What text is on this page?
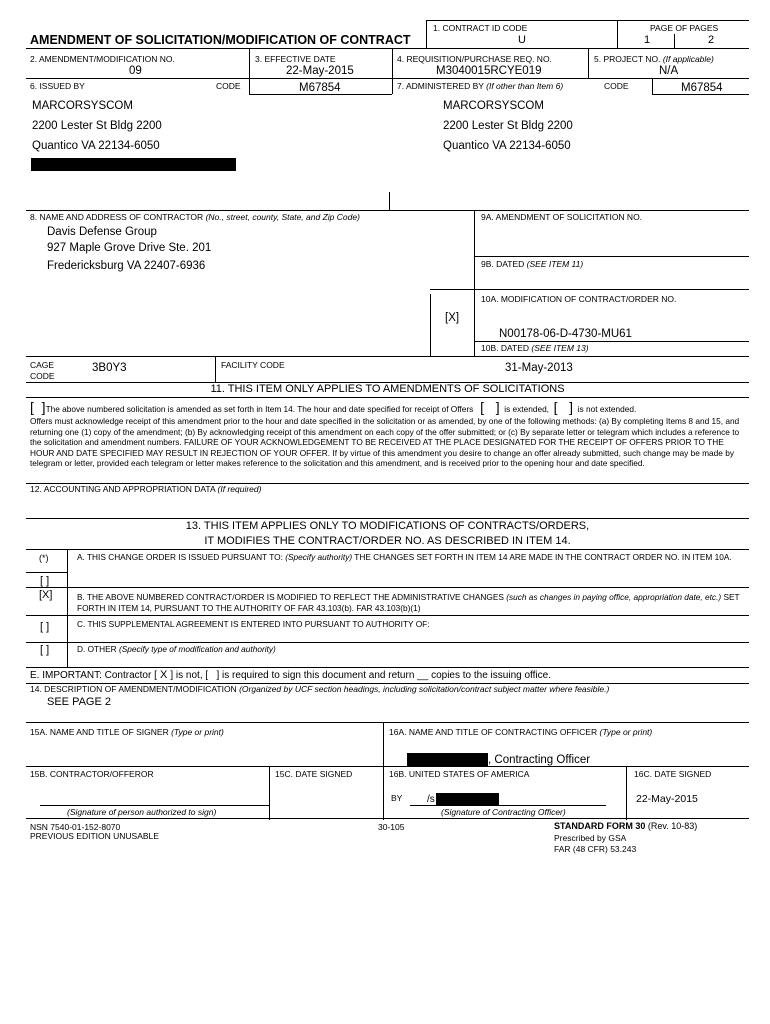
AMENDMENT OF SOLICITATION/MODIFICATION OF CONTRACT
1. CONTRACT ID CODE
U
PAGE OF PAGES
1	2
2. AMENDMENT/MODIFICATION NO.
09
3. EFFECTIVE DATE
22-May-2015
4. REQUISITION/PURCHASE REQ. NO.
M3040015RCYE019
5. PROJECT NO. (If applicable)
N/A
6. ISSUED BY	CODE	M67854	7. ADMINISTERED BY (If other than Item 6)	CODE	M67854
MARCORSYSCOM
2200 Lester St Bldg 2200
Quantico VA 22134-6050
MARCORSYSCOM
2200 Lester St Bldg 2200
Quantico VA 22134-6050
8. NAME AND ADDRESS OF CONTRACTOR (No., street, county, State, and Zip Code)
Davis Defense Group
927 Maple Grove Drive Ste. 201
Fredericksburg VA 22407-6936
9A. AMENDMENT OF SOLICITATION NO.
9B. DATED (SEE ITEM 11)
10A. MODIFICATION OF CONTRACT/ORDER NO.
[X]
N00178-06-D-4730-MU61
10B. DATED (SEE ITEM 13)
CAGE
CODE
3B0Y3	FACILITY CODE	31-May-2013
11. THIS ITEM ONLY APPLIES TO AMENDMENTS OF SOLICITATIONS
[ ]The above numbered solicitation is amended as set forth in Item 14. The hour and date specified for receipt of Offers [   ] is extended, [   ] is not extended.
Offers must acknowledge receipt of this amendment prior to the hour and date specified in the solicitation or as amended, by one of the following methods: (a) By completing Items 8 and 15, and returning one (1) copy of the amendment; (b) By acknowledging receipt of this amendment on each copy of the offer submitted; or (c) By separate letter or telegram which includes a reference to the solicitation and amendment numbers. FAILURE OF YOUR ACKNOWLEDGEMENT TO BE RECEIVED AT THE PLACE DESIGNATED FOR THE RECEIPT OF OFFERS PRIOR TO THE HOUR AND DATE SPECIFIED MAY RESULT IN REJECTION OF YOUR OFFER. If by virtue of this amendment you desire to change an offer already submitted, such change may be made by telegram or letter, provided each telegram or letter makes reference to the solicitation and this amendment, and is received prior to the opening hour and date specified.
12. ACCOUNTING AND APPROPRIATION DATA (If required)
13. THIS ITEM APPLIES ONLY TO MODIFICATIONS OF CONTRACTS/ORDERS,
IT MODIFIES THE CONTRACT/ORDER NO. AS DESCRIBED IN ITEM 14.
(*)	A. THIS CHANGE ORDER IS ISSUED PURSUANT TO: (Specify authority) THE CHANGES SET FORTH IN ITEM 14 ARE MADE IN THE CONTRACT ORDER NO. IN ITEM 10A.
[ ]
[X]	B. THE ABOVE NUMBERED CONTRACT/ORDER IS MODIFIED TO REFLECT THE ADMINISTRATIVE CHANGES (such as changes in paying office, appropriation date, etc.) SET FORTH IN ITEM 14, PURSUANT TO THE AUTHORITY OF FAR 43.103(b). FAR 43.103(b)(1)
[ ]	C. THIS SUPPLEMENTAL AGREEMENT IS ENTERED INTO PURSUANT TO AUTHORITY OF:
[ ]	D. OTHER (Specify type of modification and authority)
E. IMPORTANT: Contractor [ X ] is not, [ ] is required to sign this document and return __ copies to the issuing office.
14. DESCRIPTION OF AMENDMENT/MODIFICATION (Organized by UCF section headings, including solicitation/contract subject matter where feasible.)
SEE PAGE 2
15A. NAME AND TITLE OF SIGNER (Type or print)	16A. NAME AND TITLE OF CONTRACTING OFFICER (Type or print)
, Contracting Officer
15B. CONTRACTOR/OFFEROR	15C. DATE SIGNED	16B. UNITED STATES OF AMERICA	16C. DATE SIGNED
BY /s	22-May-2015
(Signature of person authorized to sign)	(Signature of Contracting Officer)
NSN 7540-01-152-8070
PREVIOUS EDITION UNUSABLE
30-105	STANDARD FORM 30 (Rev. 10-83)
Prescribed by GSA
FAR (48 CFR) 53.243
